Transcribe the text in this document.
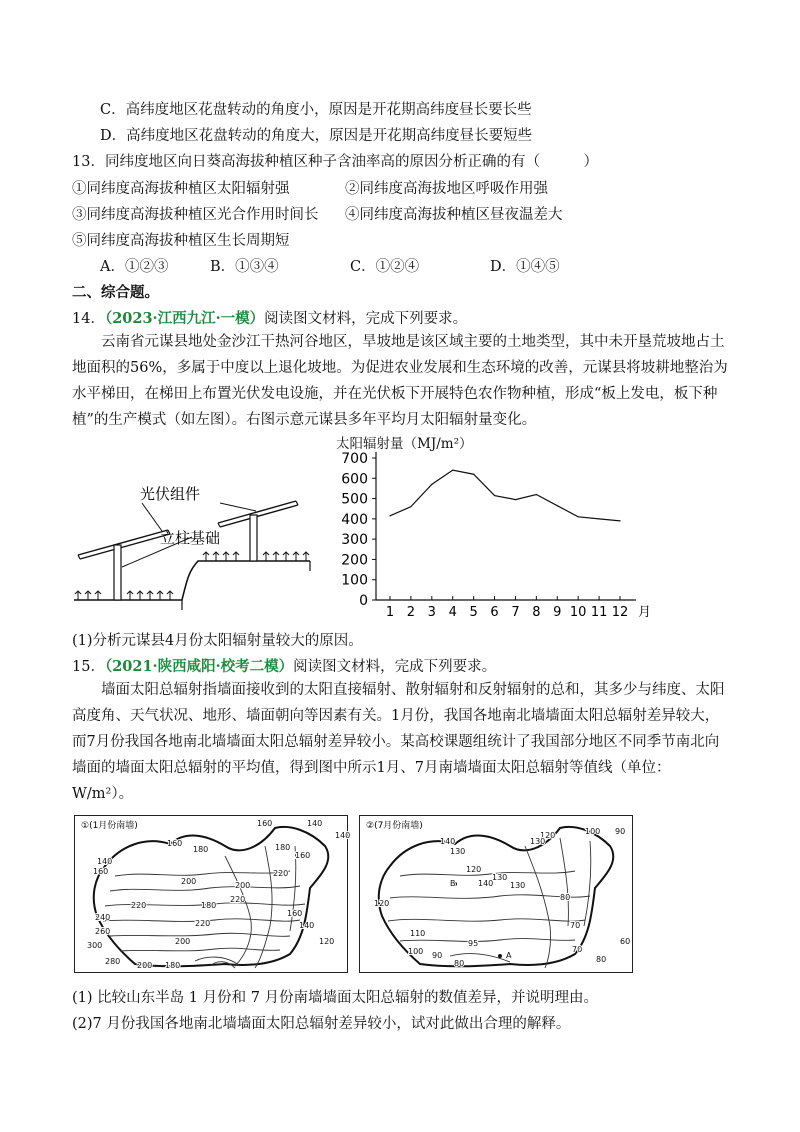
C．高纬度地区花盘转动的角度小，原因是开花期高纬度昼长要长些
D．高纬度地区花盘转动的角度大，原因是开花期高纬度昼长要短些
13．同纬度地区向日葵高海拔种植区种子含油率高的原因分析正确的有（　　　）
①同纬度高海拔种植区太阳辐射强	②同纬度高海拔地区呼吸作用强
③同纬度高海拔种植区光合作用时间长 ④同纬度高海拔种植区昼夜温差大
⑤同纬度高海拔种植区生长周期短
A．①②③	B．①③④	C．①②④	D．①④⑤
二、综合题。
14．（2023·江西九江·一模）阅读图文材料，完成下列要求。
云南省元谋县地处金沙江干热河谷地区，旱坡地是该区域主要的土地类型，其中未开垦荒坡地占土地面积的56%，多属于中度以上退化坡地。为促进农业发展和生态环境的改善，元谋县将坡耕地整治为水平梯田，在梯田上布置光伏发电设施，并在光伏板下开展特色农作物种植，形成“板上发电，板下种植”的生产模式（如左图）。右图示意元谋县多年平均月太阳辐射量变化。
光伏组件
立柱基础
太阳辐射量（MJ/m²）
0
100
200
300
400
500
600
700
1 2 3 4 5 6 7 8 9 10 11 12 月
(1)分析元谋县4月份太阳辐射量较大的原因。
15．（2021·陕西咸阳·校考二模）阅读图文材料，完成下列要求。
墙面太阳总辐射指墙面接收到的太阳直接辐射、散射辐射和反射辐射的总和，其多少与纬度、太阳高度角、天气状况、地形、墙面朝向等因素有关。1月份，我国各地南北墙墙面太阳总辐射差异较大，而7月份我国各地南北墙墙面太阳总辐射差异较小。某高校课题组统计了我国部分地区不同季节南北向墙面的墙面太阳总辐射的平均值，得到图中所示1月、7月南墙墙面太阳总辐射等值线（单位：W/m²）。
①(1月份南墙)	160	140
180
160	180
220
140
160
140
160
200	200
220
180
220
240
260
300
280 200 180
200
220
160
140
120
②(7月份南墙)
120	100 90
130
140
130
120
140
130
130
B
80
120
110
100 90
80
95
A
70
70
80
60
(1) 比较山东半岛 1 月份和 7 月份南墙墙面太阳总辐射的数值差异，并说明理由。
(2)7 月份我国各地南北墙墙面太阳总辐射差异较小，试对此做出合理的解释。
